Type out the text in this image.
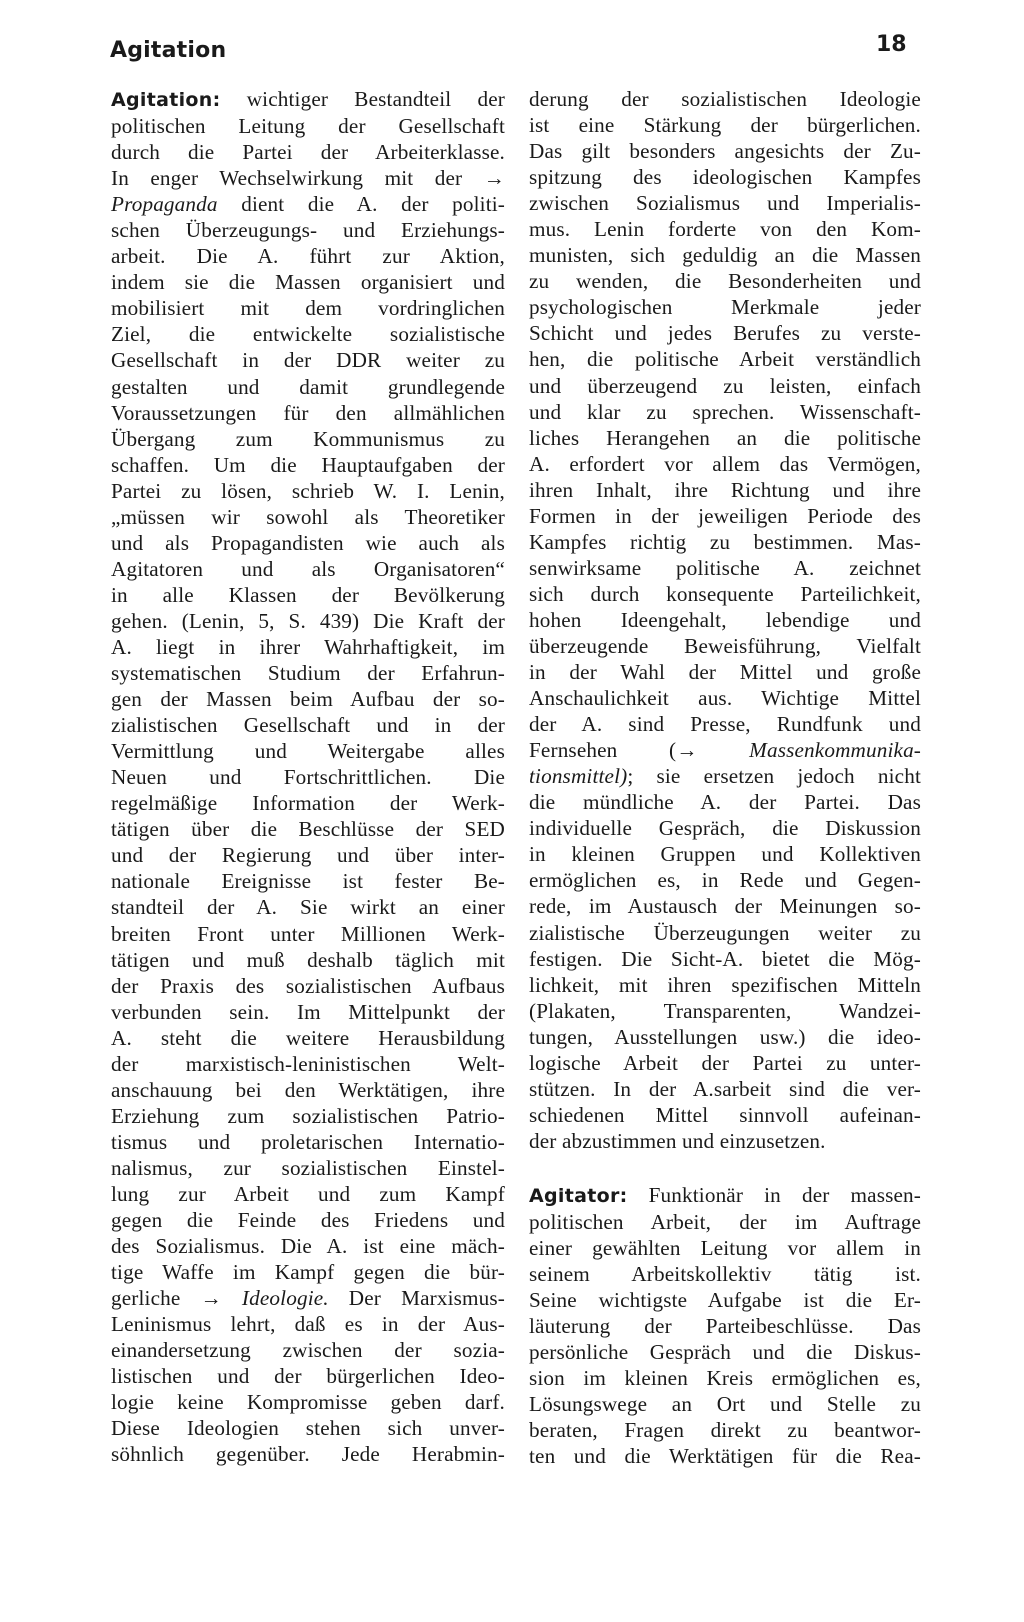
Agitation	18
Agitation: wichtiger Bestandteil der
politischen Leitung der Gesellschaft
durch die Partei der Arbeiterklasse.
In enger Wechselwirkung mit der →
Propaganda dient die A. der politi-
schen Überzeugungs- und Erziehungs-
arbeit. Die A. führt zur Aktion,
indem sie die Massen organisiert und
mobilisiert mit dem vordringlichen
Ziel, die entwickelte sozialistische
Gesellschaft in der DDR weiter zu
gestalten und damit grundlegende
Voraussetzungen für den allmählichen
Übergang zum Kommunismus zu
schaffen. Um die Hauptaufgaben der
Partei zu lösen, schrieb W. I. Lenin,
„müssen wir sowohl als Theoretiker
und als Propagandisten wie auch als
Agitatoren und als Organisatoren“
in alle Klassen der Bevölkerung
gehen. (Lenin, 5, S. 439) Die Kraft der
A. liegt in ihrer Wahrhaftigkeit, im
systematischen Studium der Erfahrun-
gen der Massen beim Aufbau der so-
zialistischen Gesellschaft und in der
Vermittlung und Weitergabe alles
Neuen und Fortschrittlichen. Die
regelmäßige Information der Werk-
tätigen über die Beschlüsse der SED
und der Regierung und über inter-
nationale Ereignisse ist fester Be-
standteil der A. Sie wirkt an einer
breiten Front unter Millionen Werk-
tätigen und muß deshalb täglich mit
der Praxis des sozialistischen Aufbaus
verbunden sein. Im Mittelpunkt der
A. steht die weitere Herausbildung
der marxistisch-leninistischen Welt-
anschauung bei den Werktätigen, ihre
Erziehung zum sozialistischen Patrio-
tismus und proletarischen Internatio-
nalismus, zur sozialistischen Einstel-
lung zur Arbeit und zum Kampf
gegen die Feinde des Friedens und
des Sozialismus. Die A. ist eine mäch-
tige Waffe im Kampf gegen die bür-
gerliche → Ideologie. Der Marxismus-
Leninismus lehrt, daß es in der Aus-
einandersetzung zwischen der sozia-
listischen und der bürgerlichen Ideo-
logie keine Kompromisse geben darf.
Diese Ideologien stehen sich unver-
söhnlich gegenüber. Jede Herabmin-
derung der sozialistischen Ideologie
ist eine Stärkung der bürgerlichen.
Das gilt besonders angesichts der Zu-
spitzung des ideologischen Kampfes
zwischen Sozialismus und Imperialis-
mus. Lenin forderte von den Kom-
munisten, sich geduldig an die Massen
zu wenden, die Besonderheiten und
psychologischen Merkmale jeder
Schicht und jedes Berufes zu verste-
hen, die politische Arbeit verständlich
und überzeugend zu leisten, einfach
und klar zu sprechen. Wissenschaft-
liches Herangehen an die politische
A. erfordert vor allem das Vermögen,
ihren Inhalt, ihre Richtung und ihre
Formen in der jeweiligen Periode des
Kampfes richtig zu bestimmen. Mas-
senwirksame politische A. zeichnet
sich durch konsequente Parteilichkeit,
hohen Ideengehalt, lebendige und
überzeugende Beweisführung, Vielfalt
in der Wahl der Mittel und große
Anschaulichkeit aus. Wichtige Mittel
der A. sind Presse, Rundfunk und
Fernsehen (→ Massenkommunika-
tionsmittel); sie ersetzen jedoch nicht
die mündliche A. der Partei. Das
individuelle Gespräch, die Diskussion
in kleinen Gruppen und Kollektiven
ermöglichen es, in Rede und Gegen-
rede, im Austausch der Meinungen so-
zialistische Überzeugungen weiter zu
festigen. Die Sicht-A. bietet die Mög-
lichkeit, mit ihren spezifischen Mitteln
(Plakaten, Transparenten, Wandzei-
tungen, Ausstellungen usw.) die ideo-
logische Arbeit der Partei zu unter-
stützen. In der A.sarbeit sind die ver-
schiedenen Mittel sinnvoll aufeinan-
der abzustimmen und einzusetzen.
Agitator: Funktionär in der massen-
politischen Arbeit, der im Auftrage
einer gewählten Leitung vor allem in
seinem Arbeitskollektiv tätig ist.
Seine wichtigste Aufgabe ist die Er-
läuterung der Parteibeschlüsse. Das
persönliche Gespräch und die Diskus-
sion im kleinen Kreis ermöglichen es,
Lösungswege an Ort und Stelle zu
beraten, Fragen direkt zu beantwor-
ten und die Werktätigen für die Rea-
